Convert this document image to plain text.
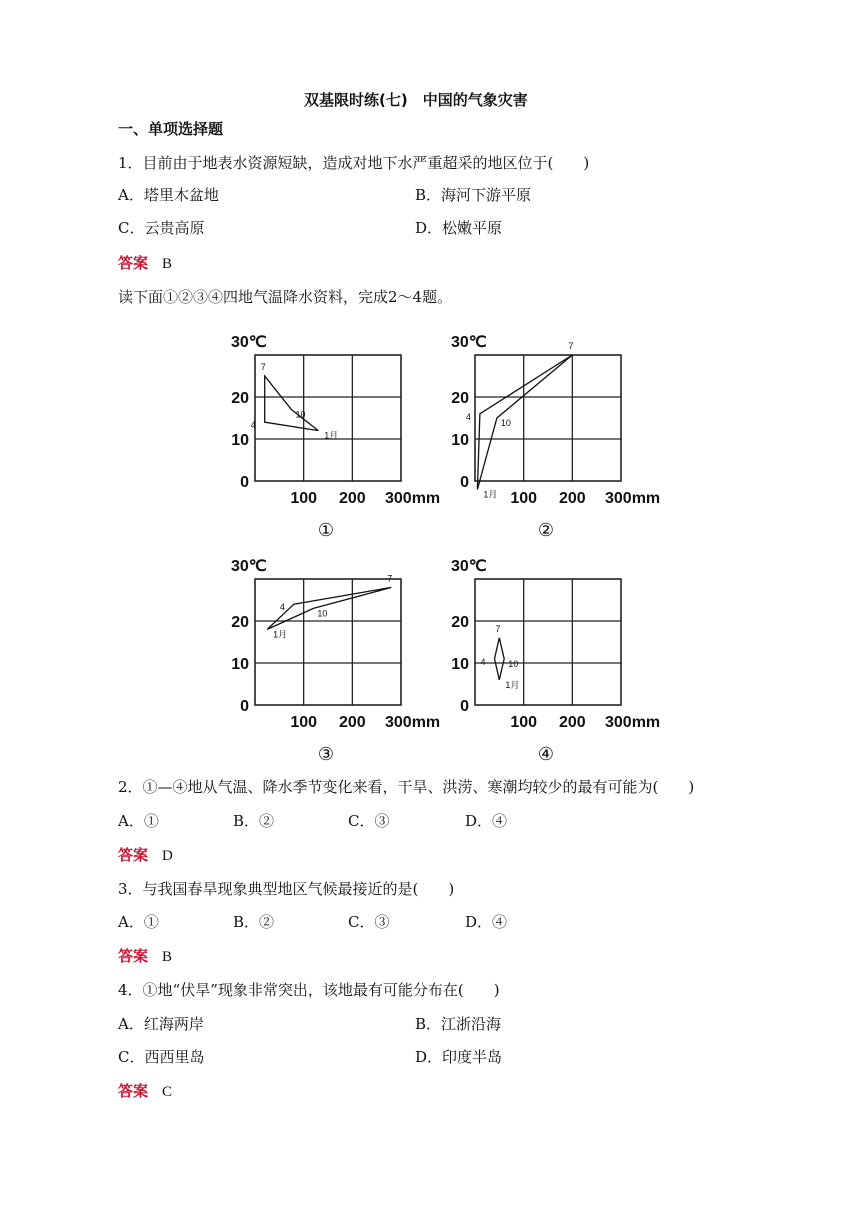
双基限时练(七)　中国的气象灾害
一、单项选择题
1．目前由于地表水资源短缺，造成对地下水严重超采的地区位于(　　)
A．塔里木盆地	B．海河下游平原
C．云贵高原	D．松嫩平原
答案 B
读下面①②③④四地气温降水资料，完成2～4题。
0
10
20
30℃
100 200 300mm
1月
4
7
10
①
0
10
20
30℃
100 200 300mm
1月
4
7
10
②
0
10
20
30℃
100 200 300mm
1月
4
7
10
③
0
10
20
30℃
100 200 300mm
1月
4
7
10
④
2．①—④地从气温、降水季节变化来看，干旱、洪涝、寒潮均较少的最有可能为(　　)
A．①	B．②	C．③	D．④
答案 D
3．与我国春旱现象典型地区气候最接近的是(　　)
A．①	B．②	C．③	D．④
答案 B
4．①地“伏旱”现象非常突出，该地最有可能分布在(　　)
A．红海两岸	B．江浙沿海
C．西西里岛	D．印度半岛
答案 C
